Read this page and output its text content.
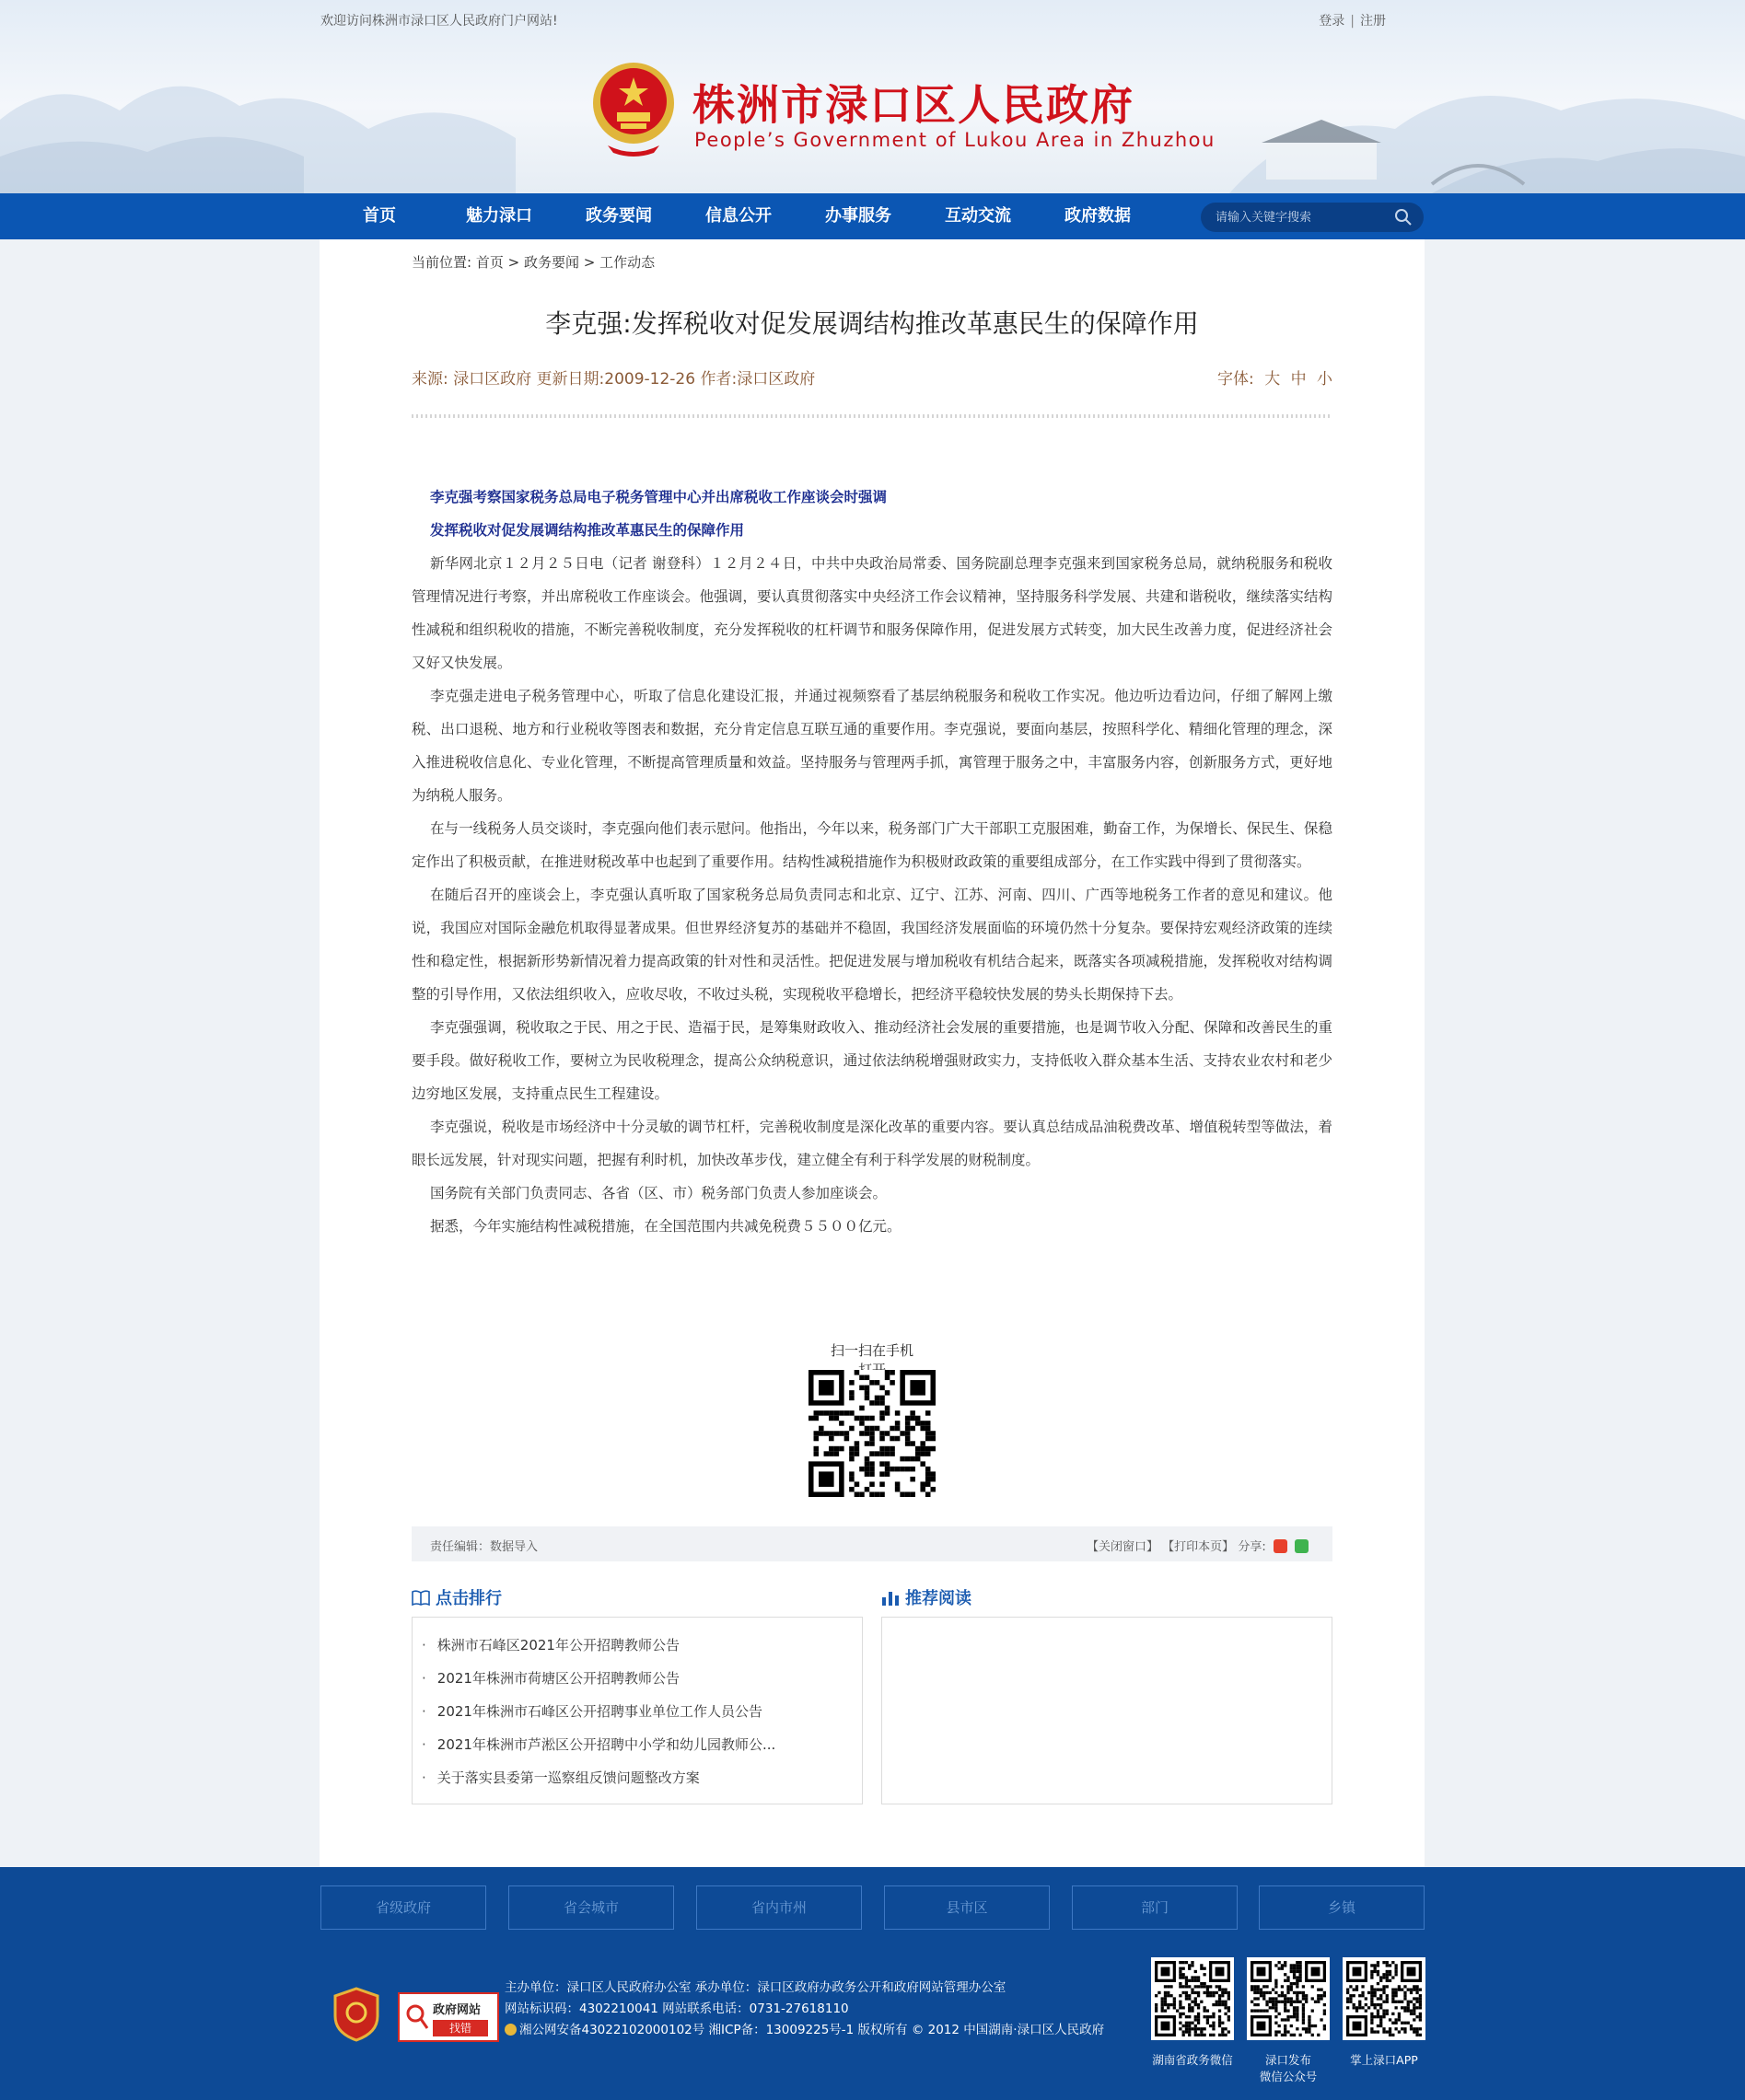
欢迎访问株洲市渌口区人民政府门户网站!	登录 | 注册
株洲市渌口区人民政府
People’s Government of Lukou Area in Zhuzhou
首页	魅力渌口	政务要闻	信息公开	办事服务	互动交流	政府数据
请输入关键字搜索
当前位置: 首页 > 政务要闻 > 工作动态
李克强:发挥税收对促发展调结构推改革惠民生的保障作用
来源: 渌口区政府 更新日期:2009-12-26 作者:渌口区政府	字体: 大 中 小
李克强考察国家税务总局电子税务管理中心并出席税收工作座谈会时强调
发挥税收对促发展调结构推改革惠民生的保障作用

新华网北京１２月２５日电（记者 谢登科）１２月２４日，中共中央政治局常委、国务院副总理李克强来到国家税务总局，就纳税服务和税收管理情况进行考察，并出席税收工作座谈会。他强调，要认真贯彻落实中央经济工作会议精神，坚持服务科学发展、共建和谐税收，继续落实结构性减税和组织税收的措施，不断完善税收制度，充分发挥税收的杠杆调节和服务保障作用，促进发展方式转变，加大民生改善力度，促进经济社会又好又快发展。

李克强走进电子税务管理中心，听取了信息化建设汇报，并通过视频察看了基层纳税服务和税收工作实况。他边听边看边问，仔细了解网上缴税、出口退税、地方和行业税收等图表和数据，充分肯定信息互联互通的重要作用。李克强说，要面向基层，按照科学化、精细化管理的理念，深入推进税收信息化、专业化管理，不断提高管理质量和效益。坚持服务与管理两手抓，寓管理于服务之中，丰富服务内容，创新服务方式，更好地为纳税人服务。

在与一线税务人员交谈时，李克强向他们表示慰问。他指出，今年以来，税务部门广大干部职工克服困难，勤奋工作，为保增长、保民生、保稳定作出了积极贡献，在推进财税改革中也起到了重要作用。结构性减税措施作为积极财政政策的重要组成部分，在工作实践中得到了贯彻落实。

在随后召开的座谈会上，李克强认真听取了国家税务总局负责同志和北京、辽宁、江苏、河南、四川、广西等地税务工作者的意见和建议。他说，我国应对国际金融危机取得显著成果。但世界经济复苏的基础并不稳固，我国经济发展面临的环境仍然十分复杂。要保持宏观经济政策的连续性和稳定性，根据新形势新情况着力提高政策的针对性和灵活性。把促进发展与增加税收有机结合起来，既落实各项减税措施，发挥税收对结构调整的引导作用，又依法组织收入，应收尽收，不收过头税，实现税收平稳增长，把经济平稳较快发展的势头长期保持下去。

李克强强调，税收取之于民、用之于民、造福于民，是筹集财政收入、推动经济社会发展的重要措施，也是调节收入分配、保障和改善民生的重要手段。做好税收工作，要树立为民收税理念，提高公众纳税意识，通过依法纳税增强财政实力，支持低收入群众基本生活、支持农业农村和老少边穷地区发展，支持重点民生工程建设。

李克强说，税收是市场经济中十分灵敏的调节杠杆，完善税收制度是深化改革的重要内容。要认真总结成品油税费改革、增值税转型等做法，着眼长远发展，针对现实问题，把握有利时机，加快改革步伐，建立健全有利于科学发展的财税制度。

国务院有关部门负责同志、各省（区、市）税务部门负责人参加座谈会。

据悉，今年实施结构性减税措施，在全国范围内共减免税费５５００亿元。

扫一扫在手机
责任编辑：数据导入	【关闭窗口】 【打印本页】 分享:
点击排行
· 株洲市石峰区2021年公开招聘教师公告
· 2021年株洲市荷塘区公开招聘教师公告
· 2021年株洲市石峰区公开招聘事业单位工作人员公告
· 2021年株洲市芦淞区公开招聘中小学和幼儿园教师公...
· 关于落实县委第一巡察组反馈问题整改方案
推荐阅读
省级政府	省会城市	省内市州	县市区	部门	乡镇
政府网站
找错
主办单位：渌口区人民政府办公室 承办单位：渌口区政府办政务公开和政府网站管理办公室
网站标识码：4302210041 网站联系电话：0731-27618110
湘公网安备43022102000102号 湘ICP备：13009225号-1 版权所有 © 2012 中国湖南·渌口区人民政府
湖南省政务微信	渌口发布
微信公众号
掌上渌口APP
